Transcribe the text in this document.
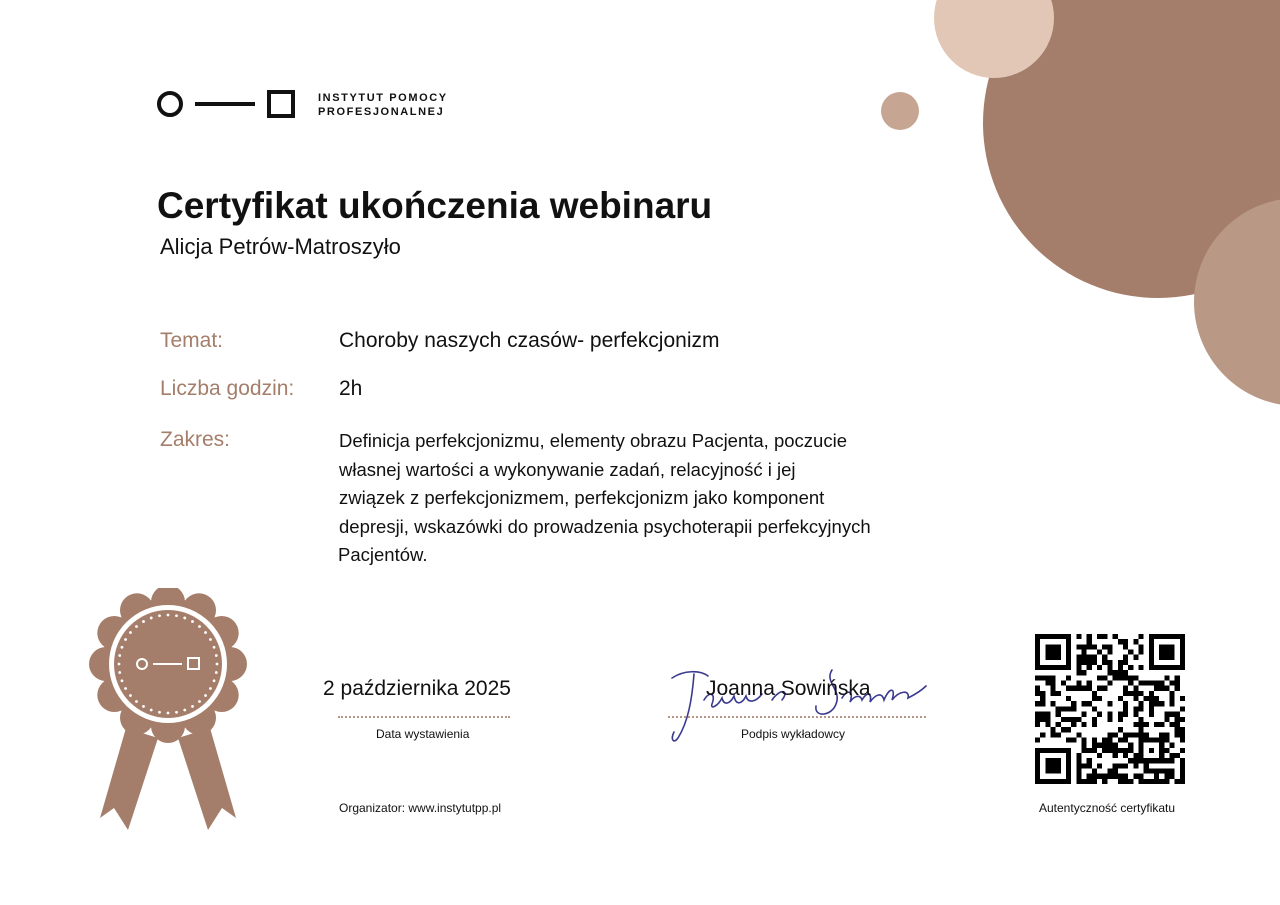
INSTYTUT POMOCY
PROFESJONALNEJ
Certyfikat ukończenia webinaru
Alicja Petrów-Matroszyło
Temat:	Choroby naszych czasów- perfekcjonizm
Liczba godzin: 2h
Zakres:	Definicja perfekcjonizmu, elementy obrazu Pacjenta, poczucie
własnej wartości a wykonywanie zadań, relacyjność i jej
związek z perfekcjonizmem, perfekcjonizm jako komponent
depresji, wskazówki do prowadzenia psychoterapii perfekcyjnych
Pacjentów.
2 października 2025
Data wystawienia
Joanna Sowińska
Podpis wykładowcy
Organizator: www.instytutpp.pl	Autentyczność certyfikatu
